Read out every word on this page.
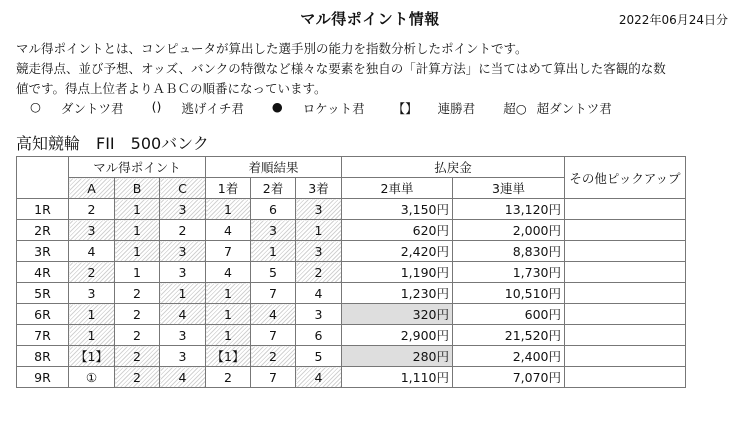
マル得ポイント情報	2022年06月24日分
マル得ポイントとは、コンピュータが算出した選手別の能力を指数分析したポイントです。
競走得点、並び予想、オッズ、バンクの特徴など様々な要素を独自の「計算方法」に当てはめて算出した客観的な数
値です。得点上位者よりＡＢＣの順番になっています。
○ ダントツ君 () 逃げイチ君 ● ロケット君 【】 連勝君 超○ 超ダントツ君
高知競輪　FII　500バンク
	マル得ポイント			着順結果			払戻金		その他ピックアップ
	A	B	C	1着	2着	3着	2車単	3連単	
1R	2	1	3	1	6	3	3,150円	13,120円	
2R	3	1	2	4	3	1	620円	2,000円	
3R	4	1	3	7	1	3	2,420円	8,830円	
4R	2	1	3	4	5	2	1,190円	1,730円	
5R	3	2	1	1	7	4	1,230円	10,510円	
6R	1	2	4	1	4	3	320円	600円	
7R	1	2	3	1	7	6	2,900円	21,520円	
8R	【1】	2	3	【1】	2	5	280円	2,400円	
9R	①	2	4	2	7	4	1,110円	7,070円	
